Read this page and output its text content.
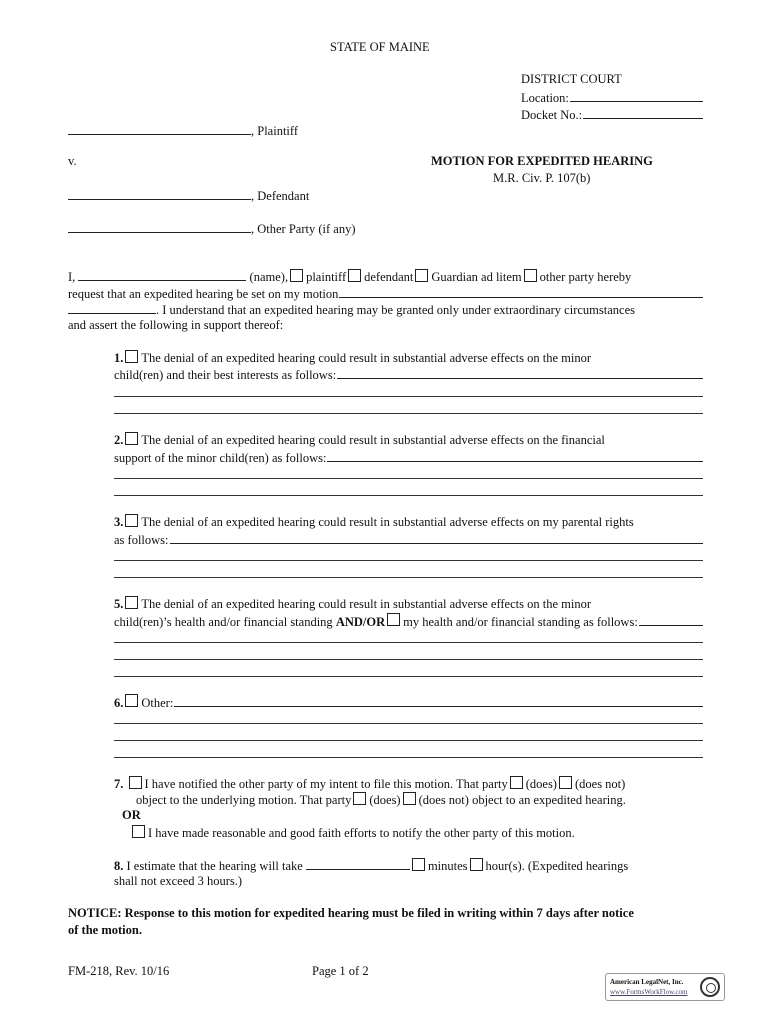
STATE OF MAINE
DISTRICT COURT
Location:
Docket No.:
, Plaintiff
v.	MOTION FOR EXPEDITED HEARING
M.R. Civ. P. 107(b)
, Defendant
, Other Party (if any)
I,	(name), plaintiff defendant Guardian ad litem other party hereby
request that an expedited hearing be set on my motion
. I understand that an expedited hearing may be granted only under extraordinary circumstances
and assert the following in support thereof:
1. The denial of an expedited hearing could result in substantial adverse effects on the minor
child(ren) and their best interests as follows:
2. The denial of an expedited hearing could result in substantial adverse effects on the financial
support of the minor child(ren) as follows:
3. The denial of an expedited hearing could result in substantial adverse effects on my parental rights
as follows:
5. The denial of an expedited hearing could result in substantial adverse effects on the minor
child(ren)’s health and/or financial standing
AND/OR my health and/or financial standing as follows:
6. Other:
7. I have notified the other party of my intent to file this motion. That party (does) (does not)
object to the underlying motion. That party (does) (does not) object to an expedited hearing.
OR
I have made reasonable and good faith efforts to notify the other party of this motion.
8. I estimate that the hearing will take	minutes hour(s). (Expedited hearings
shall not exceed 3 hours.)
NOTICE: Response to this motion for expedited hearing must be filed in writing within 7 days after notice
of the motion.
FM-218, Rev. 10/16	Page 1 of 2
American LegalNet, Inc.
www.FormsWorkFlow.com
